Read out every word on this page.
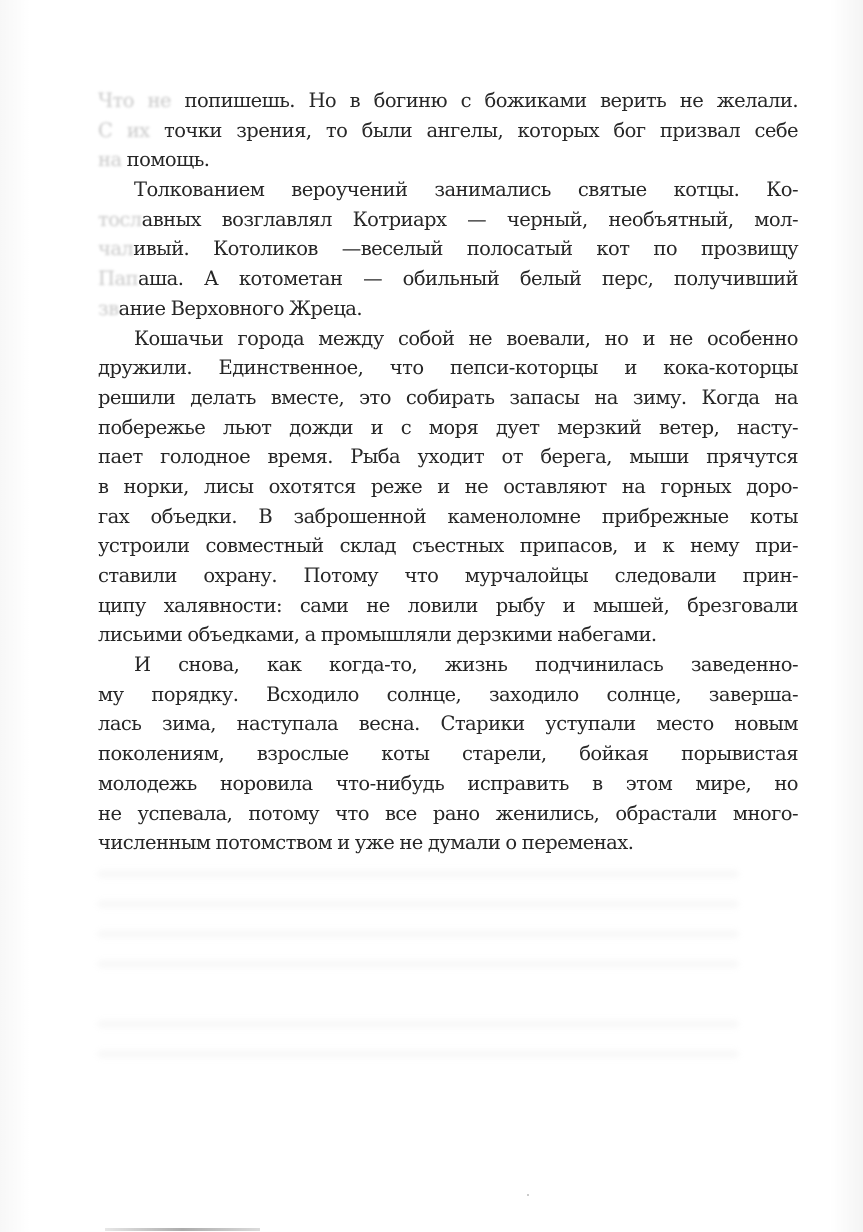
Что не попишешь. Но в богиню с божиками верить не желали.
С их точки зрения, то были ангелы, которых бог призвал себе
на помощь.
Толкованием вероучений занимались святые котцы. Ко-
тославных возглавлял Котриарх — черный, необъятный, мол-
чаливый. Котоликов —веселый полосатый кот по прозвищу
Папаша. А котометан — обильный белый перс, получивший
звание Верховного Жреца.
Кошачьи города между собой не воевали, но и не особенно
дружили. Единственное, что пепси-которцы и кока-которцы
решили делать вместе, это собирать запасы на зиму. Когда на
побережье льют дожди и с моря дует мерзкий ветер, насту-
пает голодное время. Рыба уходит от берега, мыши прячутся
в норки, лисы охотятся реже и не оставляют на горных доро-
гах объедки. В заброшенной каменоломне прибрежные коты
устроили совместный склад съестных припасов, и к нему при-
ставили охрану. Потому что мурчалойцы следовали прин-
ципу халявности: сами не ловили рыбу и мышей, брезговали
лисьими объедками, а промышляли дерзкими набегами.
И снова, как когда-то, жизнь подчинилась заведенно-
му порядку. Всходило солнце, заходило солнце, заверша-
лась зима, наступала весна. Старики уступали место новым
поколениям, взрослые коты старели, бойкая порывистая
молодежь норовила что-нибудь исправить в этом мире, но
не успевала, потому что все рано женились, обрастали много-
численным потомством и уже не думали о переменах.
